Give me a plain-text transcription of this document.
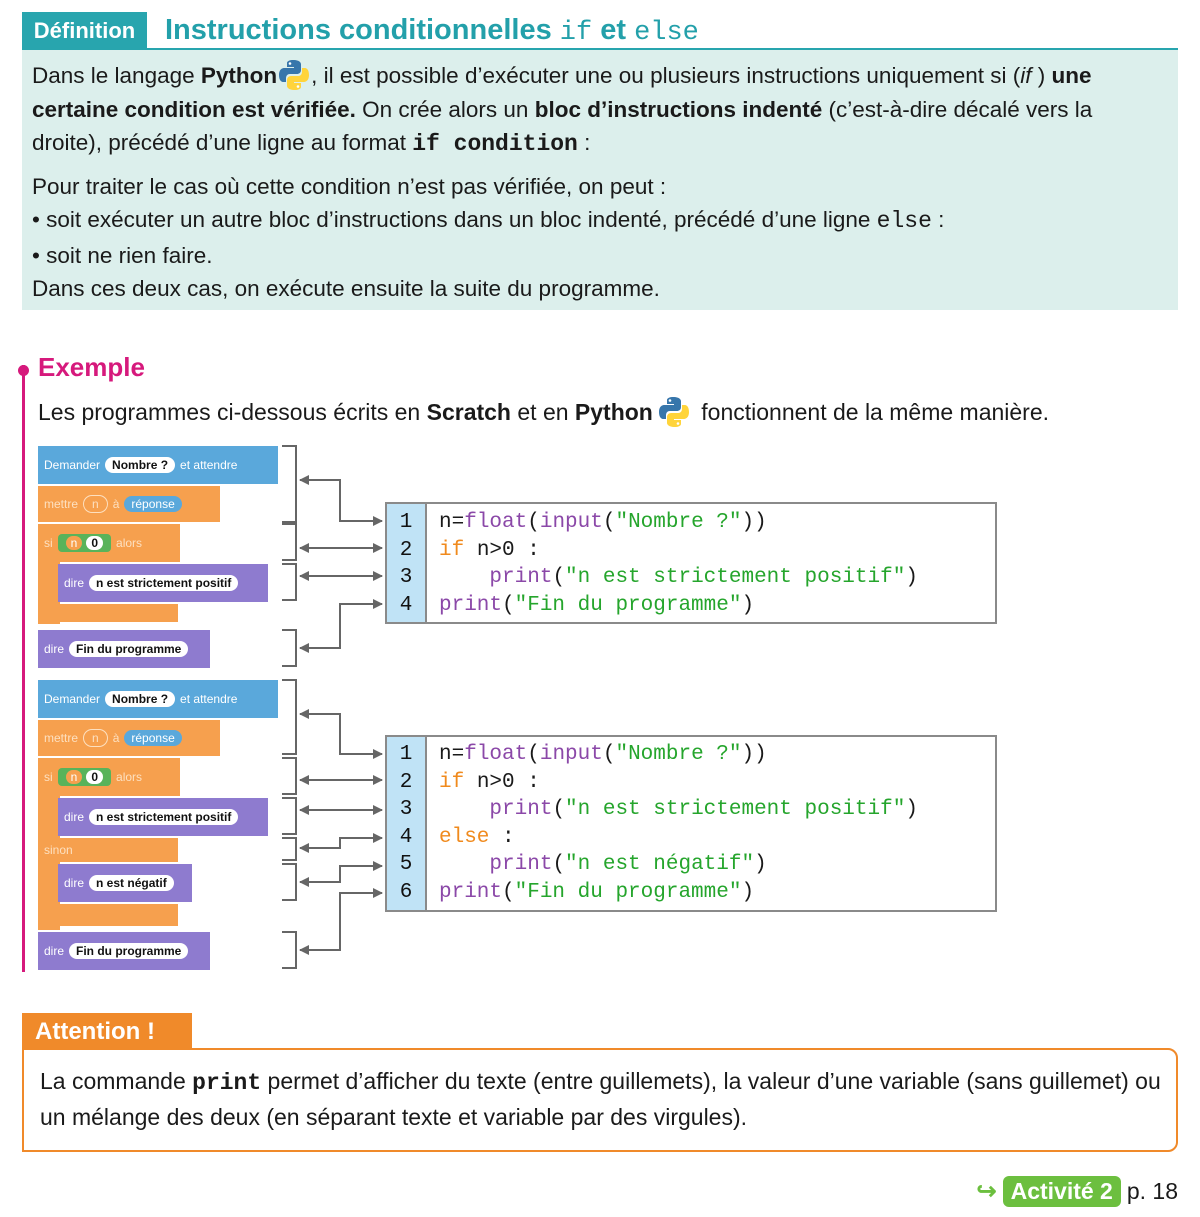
Définition	Instructions conditionnelles if et else

Dans le langage Python , il est possible d’exécuter une ou plusieurs instructions uniquement si (if ) une certaine condition est vérifiée. On crée alors un bloc d’instructions indenté (c’est-à-dire décalé vers la droite), précédé d’une ligne au format if condition :

Pour traiter le cas où cette condition n’est pas vérifiée, on peut :

• soit exécuter un autre bloc d’instructions dans un bloc indenté, précédé d’une ligne else :

• soit ne rien faire.

Dans ces deux cas, on exécute ensuite la suite du programme.

Exemple
Les programmes ci-dessous écrits en Scratch et en Python fonctionnent de la même manière.
Demander	Nombre ?	et attendre
mettre	n	à	réponse
si	n	0	alors
dire	n est strictement positif
dire	Fin du programme
Demander	Nombre ?	et attendre
mettre	n	à	réponse
si	n	0	alors
dire	n est strictement positif
sinon
dire	n est négatif
dire	Fin du programme
1	n=float(input("Nombre ?"))
2	if n>0 :
3	print("n est strictement positif")
4	print("Fin du programme")
1	n=float(input("Nombre ?"))
2	if n>0 :
3	print("n est strictement positif")
4	else :
5	print("n est négatif")
6	print("Fin du programme")
Attention !
La commande print permet d’afficher du texte (entre guillemets), la valeur d’une variable (sans guillemet) ou un mélange des deux (en séparant texte et variable par des virgules).
↪ Activité 2 p. 18
